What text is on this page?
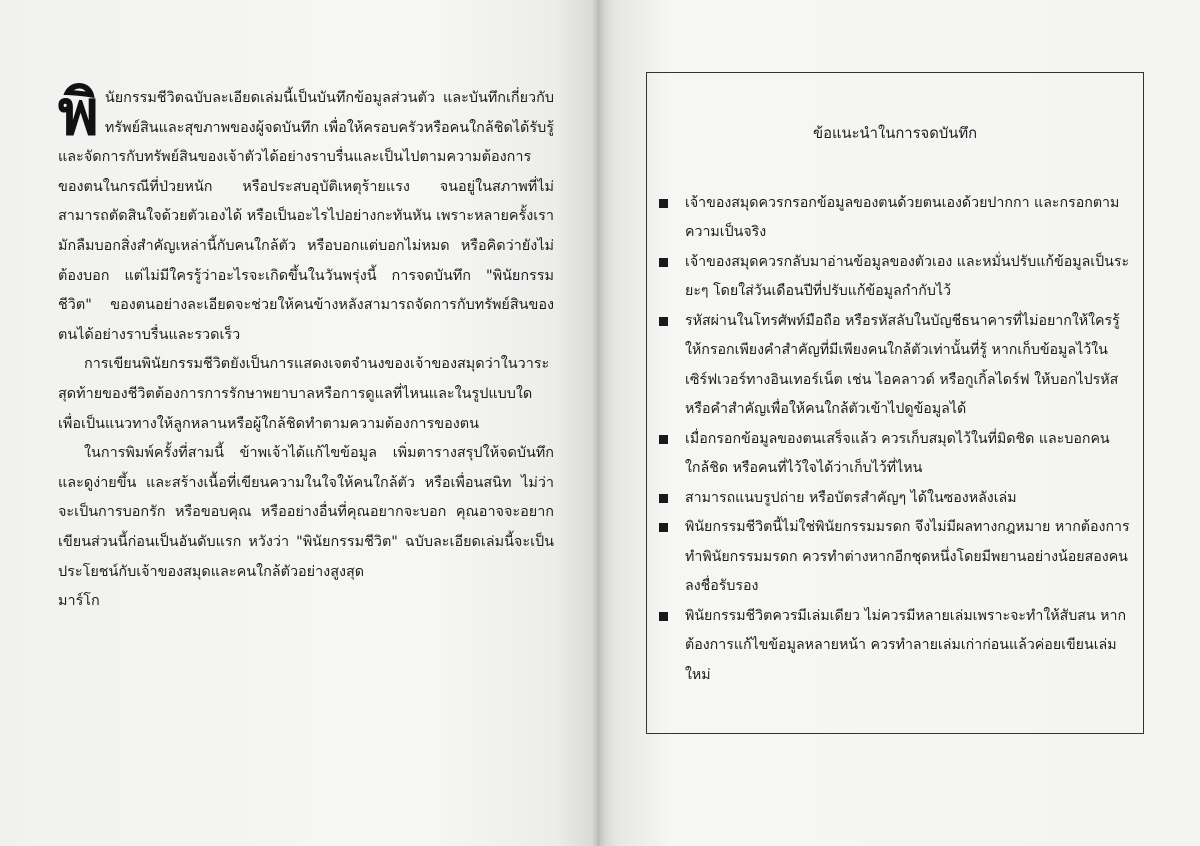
พินัยกรรมชีวิตฉบับละเอียดเล่มนี้เป็นบันทึกข้อมูลส่วนตัว และบันทึกเกี่ยวกับทรัพย์สินและสุขภาพของผู้จดบันทึก เพื่อให้ครอบครัวหรือคนใกล้ชิดได้รับรู้และจัดการกับทรัพย์สินของเจ้าตัวได้อย่างราบรื่นและเป็นไปตามความต้องการของตนในกรณีที่ป่วยหนัก หรือประสบอุบัติเหตุร้ายแรง จนอยู่ในสภาพที่ไม่สามารถตัดสินใจด้วยตัวเองได้ หรือเป็นอะไรไปอย่างกะทันหัน เพราะหลายครั้งเรามักลืมบอกสิ่งสำคัญเหล่านี้กับคนใกล้ตัว หรือบอกแต่บอกไม่หมด หรือคิดว่ายังไม่ต้องบอก แต่ไม่มีใครรู้ว่าอะไรจะเกิดขึ้นในวันพรุ่งนี้ การจดบันทึก "พินัยกรรมชีวิต" ของตนอย่างละเอียดจะช่วยให้คนข้างหลังสามารถจัดการกับทรัพย์สินของตนได้อย่างราบรื่นและรวดเร็ว

การเขียนพินัยกรรมชีวิตยังเป็นการแสดงเจตจำนงของเจ้าของสมุดว่าในวาระสุดท้ายของชีวิตต้องการการรักษาพยาบาลหรือการดูแลที่ไหนและในรูปแบบใด เพื่อเป็นแนวทางให้ลูกหลานหรือผู้ใกล้ชิดทำตามความต้องการของตน

ในการพิมพ์ครั้งที่สามนี้ ข้าพเจ้าได้แก้ไขข้อมูล เพิ่มตารางสรุปให้จดบันทึกและดูง่ายขึ้น และสร้างเนื้อที่เขียนความในใจให้คนใกล้ตัว หรือเพื่อนสนิท ไม่ว่าจะเป็นการบอกรัก หรือขอบคุณ หรืออย่างอื่นที่คุณอยากจะบอก คุณอาจจะอยากเขียนส่วนนี้ก่อนเป็นอันดับแรก หวังว่า "พินัยกรรมชีวิต" ฉบับละเอียดเล่มนี้จะเป็นประโยชน์กับเจ้าของสมุดและคนใกล้ตัวอย่างสูงสุด

มาร์โก

ข้อแนะนำในการจดบันทึก
เจ้าของสมุดควรกรอกข้อมูลของตนด้วยตนเองด้วยปากกา และกรอกตามความเป็นจริง
เจ้าของสมุดควรกลับมาอ่านข้อมูลของตัวเอง และหมั่นปรับแก้ข้อมูลเป็นระยะๆ โดยใส่วันเดือนปีที่ปรับแก้ข้อมูลกำกับไว้
รหัสผ่านในโทรศัพท์มือถือ หรือรหัสลับในบัญชีธนาคารที่ไม่อยากให้ใครรู้ ให้กรอกเพียงคำสำคัญที่มีเพียงคนใกล้ตัวเท่านั้นที่รู้ หากเก็บข้อมูลไว้ในเซิร์ฟเวอร์ทางอินเทอร์เน็ต เช่น ไอคลาวด์ หรือกูเกิ้ลไดร์ฟ ให้บอกไปรหัสหรือคำสำคัญเพื่อให้คนใกล้ตัวเข้าไปดูข้อมูลได้
เมื่อกรอกข้อมูลของตนเสร็จแล้ว ควรเก็บสมุดไว้ในที่มิดชิด และบอกคนใกล้ชิด หรือคนที่ไว้ใจได้ว่าเก็บไว้ที่ไหน
สามารถแนบรูปถ่าย หรือบัตรสำคัญๆ ได้ในซองหลังเล่ม
พินัยกรรมชีวิตนี้ไม่ใช่พินัยกรรมมรดก จึงไม่มีผลทางกฎหมาย หากต้องการทำพินัยกรรมมรดก ควรทำต่างหากอีกชุดหนึ่งโดยมีพยานอย่างน้อยสองคนลงชื่อรับรอง
พินัยกรรมชีวิตควรมีเล่มเดียว ไม่ควรมีหลายเล่มเพราะจะทำให้สับสน หากต้องการแก้ไขข้อมูลหลายหน้า ควรทำลายเล่มเก่าก่อนแล้วค่อยเขียนเล่มใหม่
